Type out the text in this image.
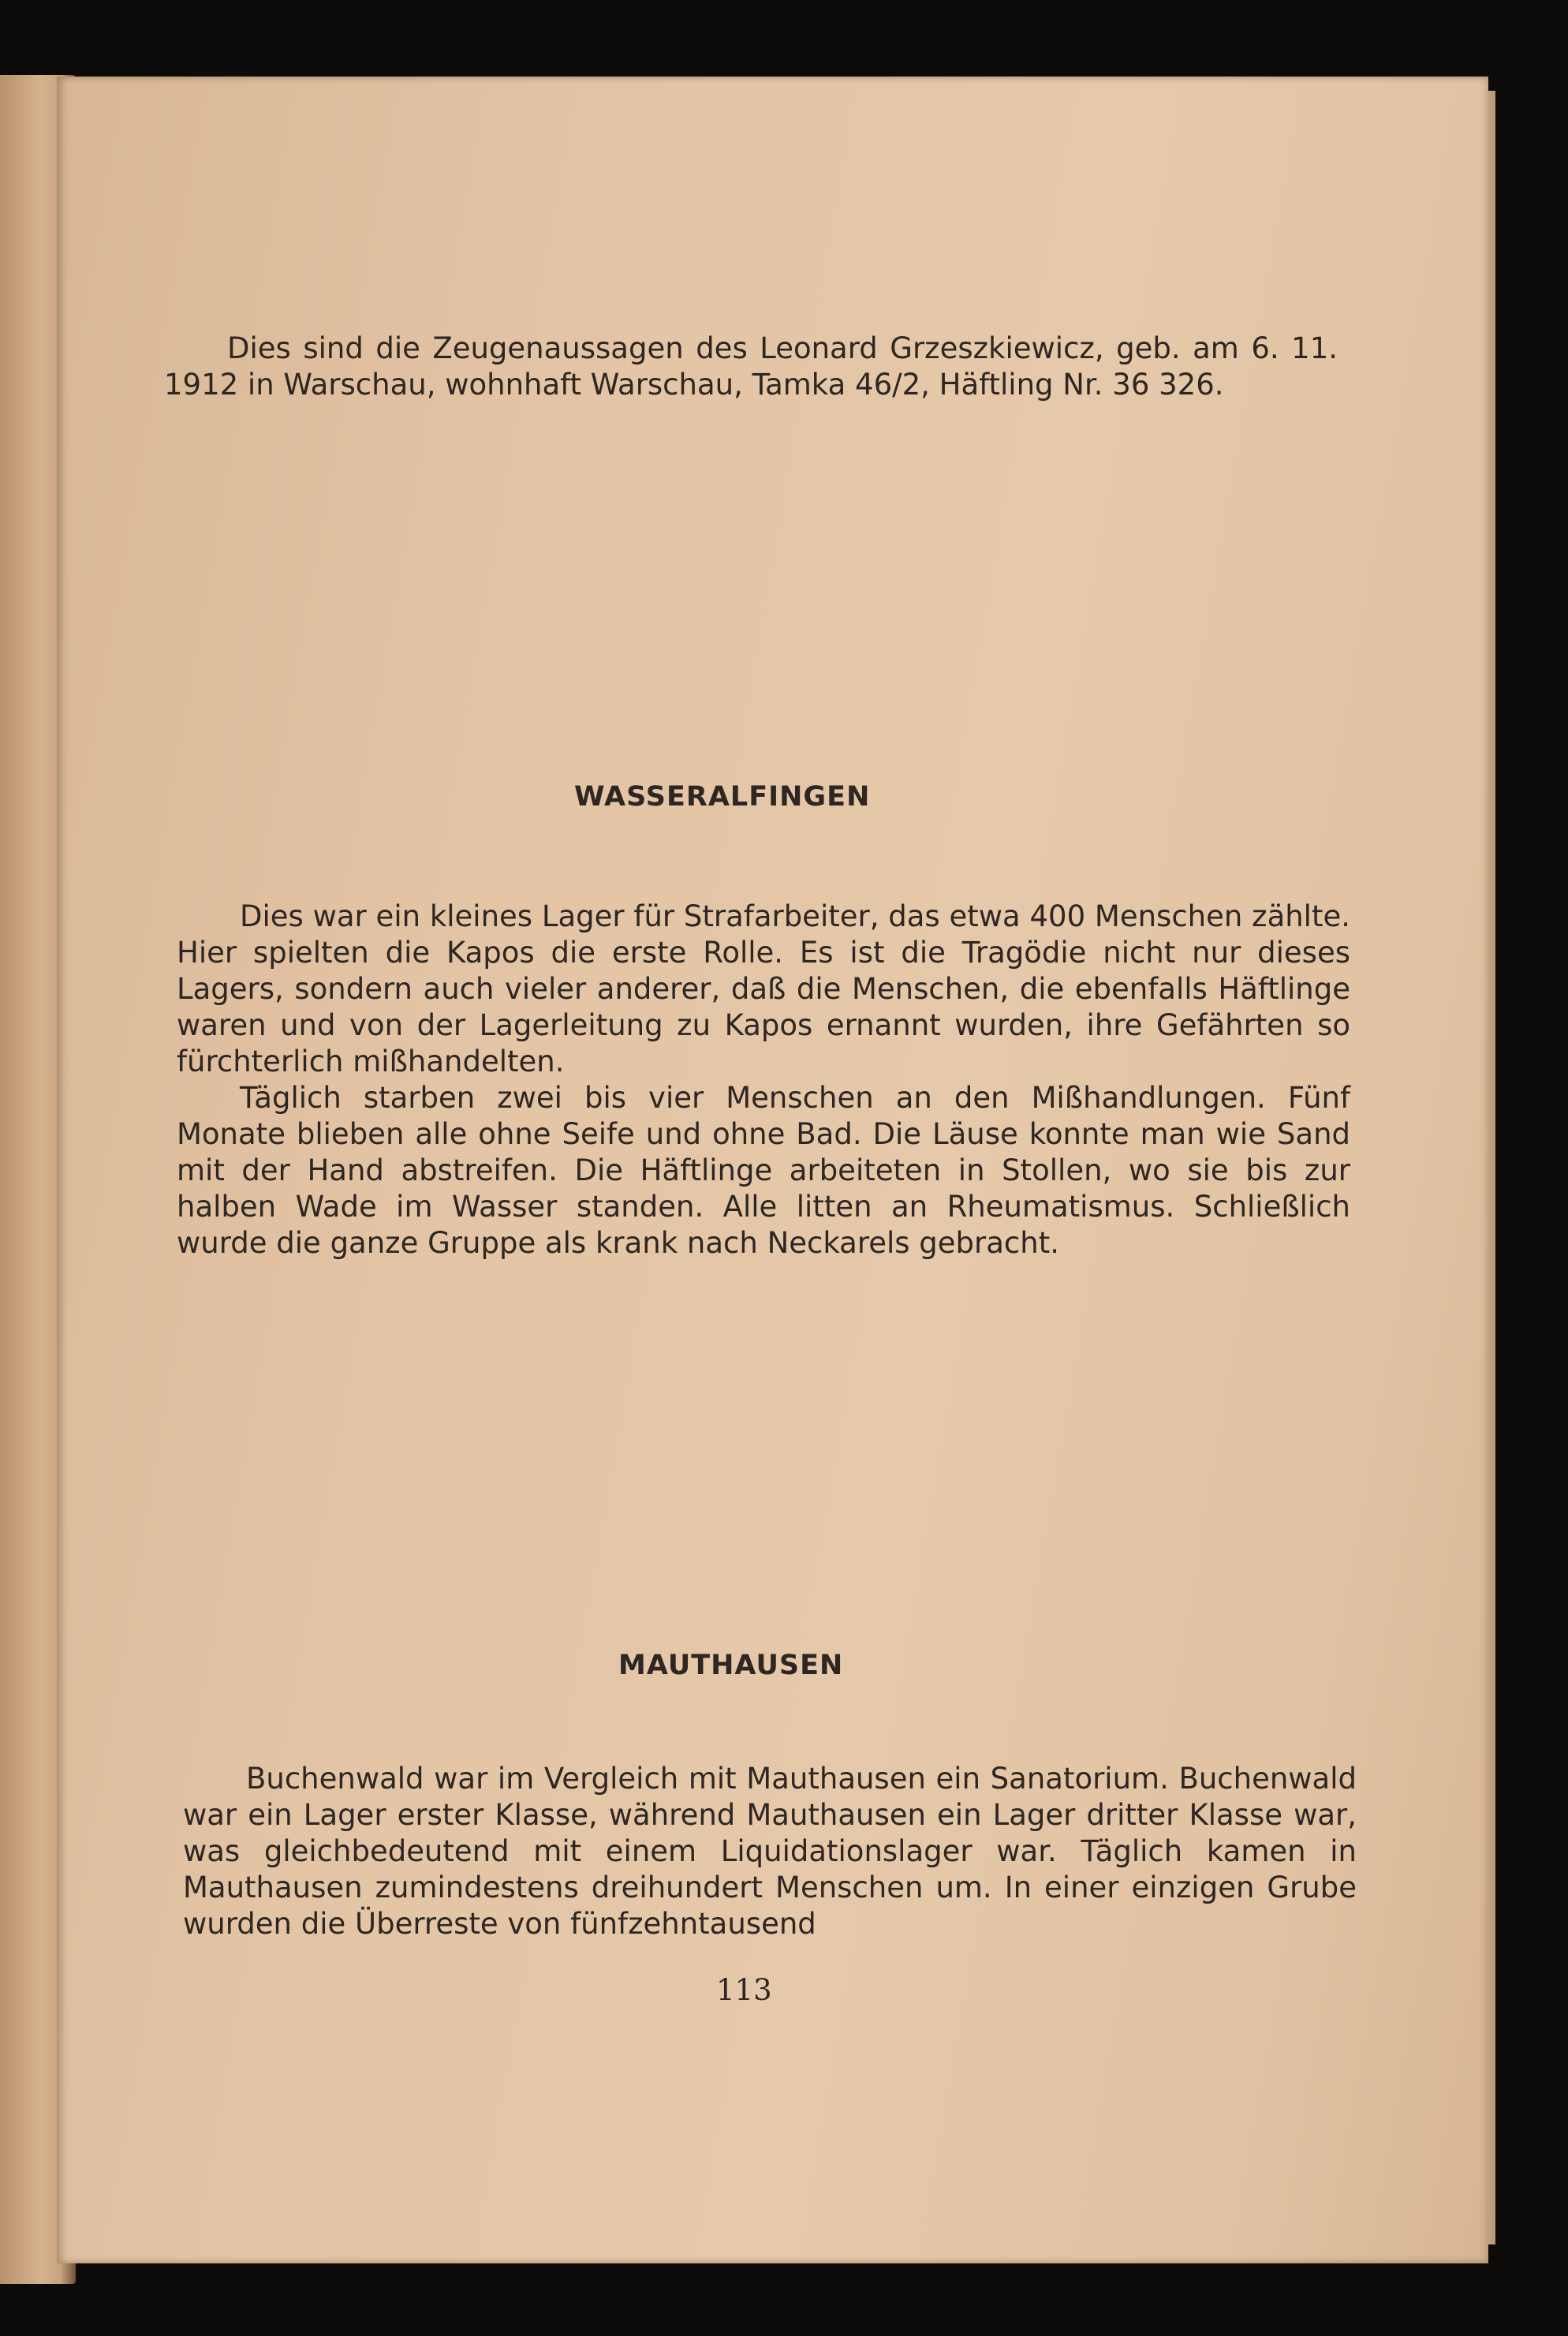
Dies sind die Zeugenaussagen des Leonard Grzeszkiewicz, geb. am 6. 11. 1912 in Warschau, wohnhaft Warschau, Tamka 46/2, Häftling Nr. 36 326.

WASSERALFINGEN

Dies war ein kleines Lager für Strafarbeiter, das etwa 400 Menschen zählte. Hier spielten die Kapos die erste Rolle. Es ist die Tragödie nicht nur dieses Lagers, sondern auch vieler anderer, daß die Menschen, die ebenfalls Häftlinge waren und von der Lagerleitung zu Kapos ernannt wurden, ihre Gefährten so fürchterlich mißhandelten.

Täglich starben zwei bis vier Menschen an den Mißhandlungen. Fünf Monate blieben alle ohne Seife und ohne Bad. Die Läuse konnte man wie Sand mit der Hand abstreifen. Die Häftlinge arbeiteten in Stollen, wo sie bis zur halben Wade im Wasser standen. Alle litten an Rheumatismus. Schließlich wurde die ganze Gruppe als krank nach Neckarels gebracht.

MAUTHAUSEN

Buchenwald war im Vergleich mit Mauthausen ein Sanatorium. Buchenwald war ein Lager erster Klasse, während Mauthausen ein Lager dritter Klasse war, was gleichbedeutend mit einem Liquidationslager war. Täglich kamen in Mauthausen zumindestens dreihundert Menschen um. In einer einzigen Grube wurden die Überreste von fünfzehntausend

113
